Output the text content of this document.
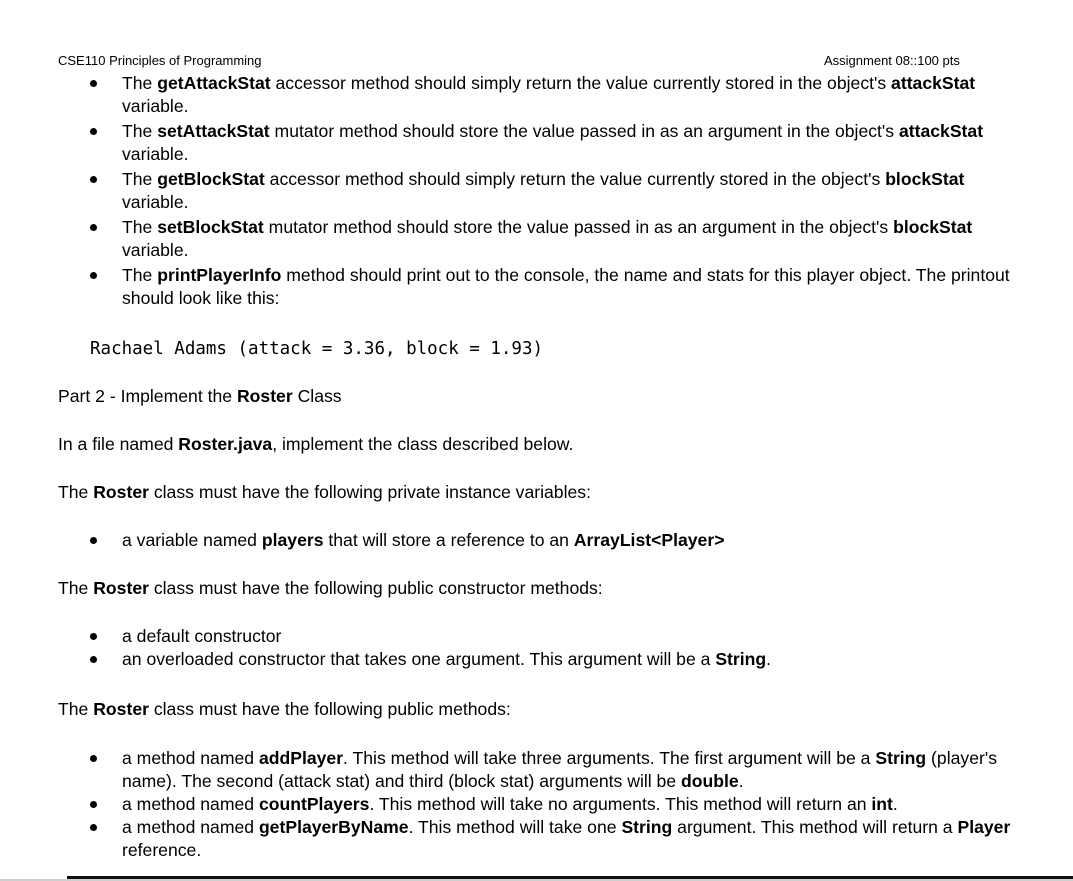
CSE110 Principles of Programming	Assignment 08::100 pts
The getAttackStat accessor method should simply return the value currently stored in the object's attackStat variable.
The setAttackStat mutator method should store the value passed in as an argument in the object's attackStat variable.
The getBlockStat accessor method should simply return the value currently stored in the object's blockStat variable.
The setBlockStat mutator method should store the value passed in as an argument in the object's blockStat variable.
The printPlayerInfo method should print out to the console, the name and stats for this player object. The printout should look like this:
Rachael Adams (attack = 3.36, block = 1.93)
Part 2 - Implement the Roster Class
In a file named Roster.java, implement the class described below.
The Roster class must have the following private instance variables:
a variable named players that will store a reference to an ArrayList<Player>
The Roster class must have the following public constructor methods:
a default constructor
an overloaded constructor that takes one argument. This argument will be a String.
The Roster class must have the following public methods:
a method named addPlayer. This method will take three arguments. The first argument will be a String (player's name). The second (attack stat) and third (block stat) arguments will be double.
a method named countPlayers. This method will take no arguments. This method will return an int.
a method named getPlayerByName. This method will take one String argument. This method will return a Player reference.
